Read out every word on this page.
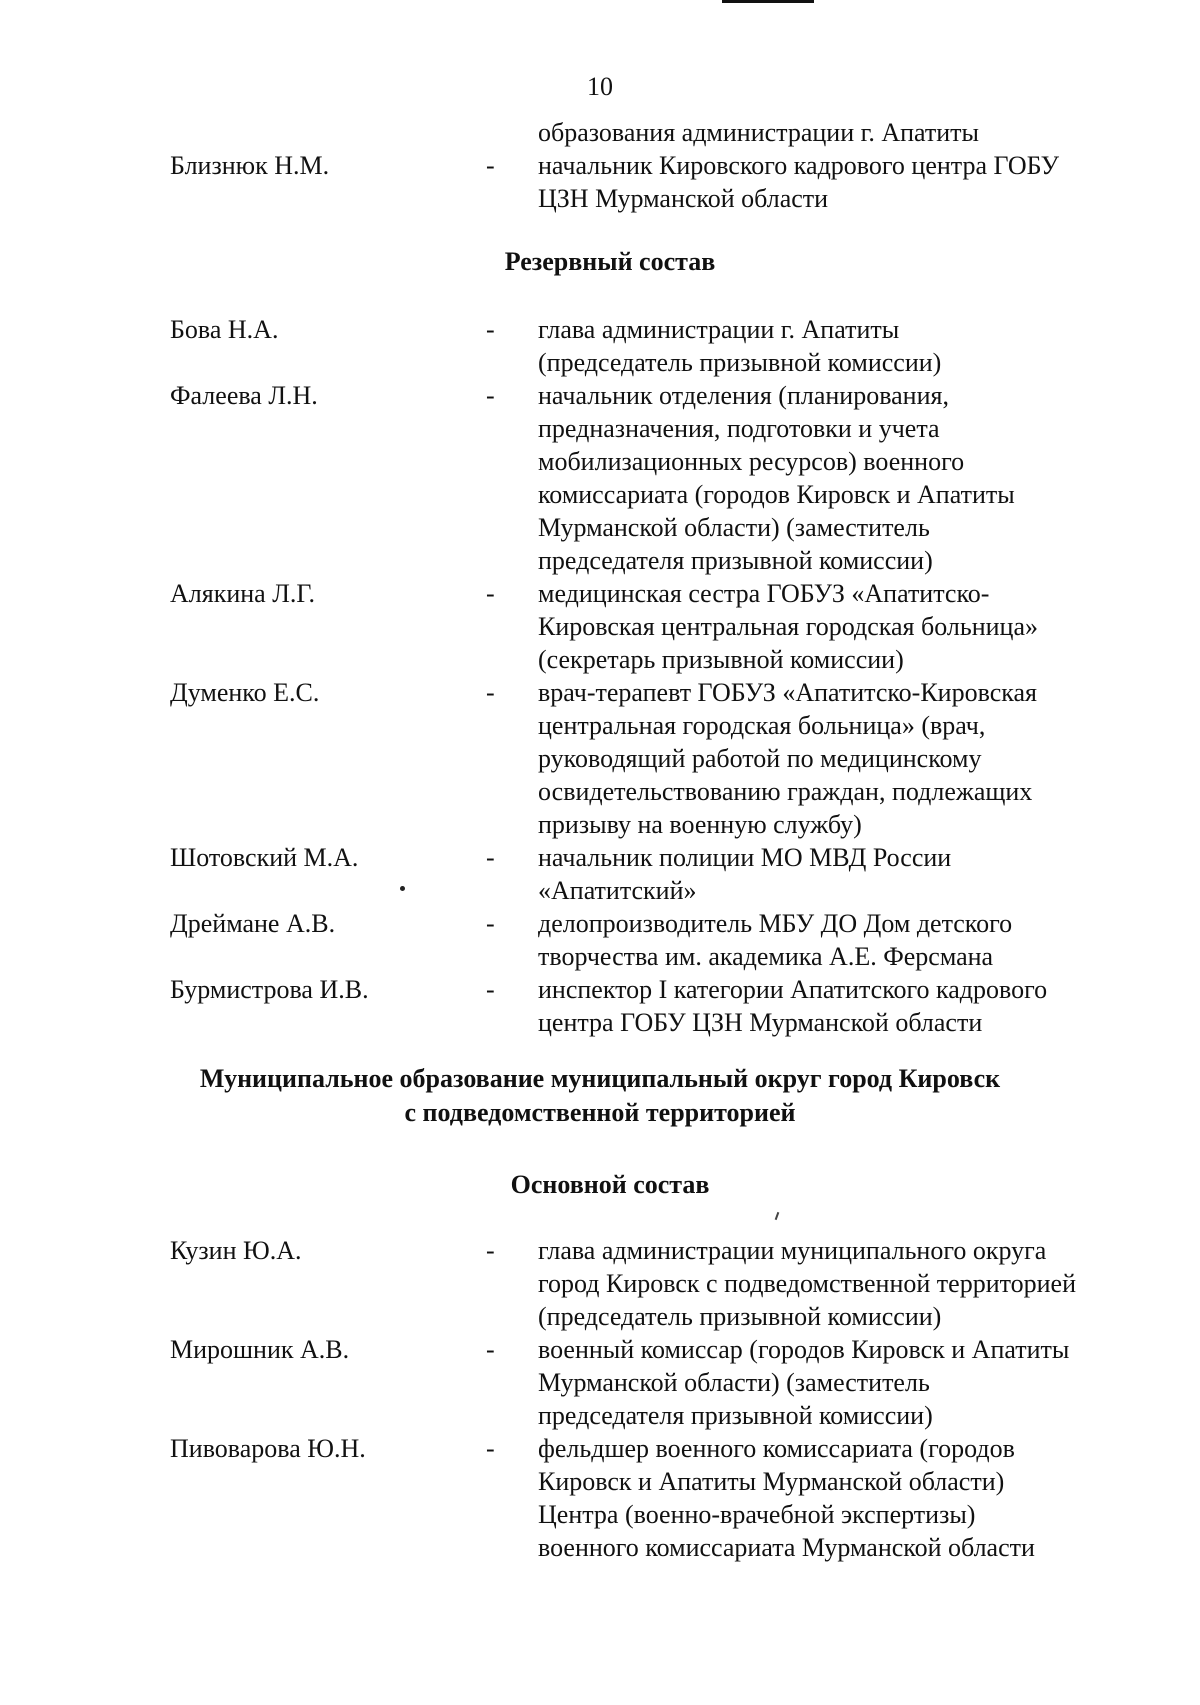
10
образования администрации г. Апатиты
Близнюк Н.М.	- начальник Кировского кадрового центра ГОБУ
ЦЗН Мурманской области
Резервный состав
Бова Н.А.	- глава администрации г. Апатиты
(председатель призывной комиссии)
Фалеева Л.Н.	- начальник отделения (планирования,
предназначения, подготовки и учета
мобилизационных ресурсов) военного
комиссариата (городов Кировск и Апатиты
Мурманской области) (заместитель
председателя призывной комиссии)
Алякина Л.Г.	- медицинская сестра ГОБУЗ «Апатитско-
Кировская центральная городская больница»
(секретарь призывной комиссии)
Думенко Е.С.	- врач-терапевт ГОБУЗ «Апатитско-Кировская
центральная городская больница» (врач,
руководящий работой по медицинскому
освидетельствованию граждан, подлежащих
призыву на военную службу)
Шотовский М.А.	- начальник полиции МО МВД России
«Апатитский»
Дреймане А.В.	- делопроизводитель МБУ ДО Дом детского
творчества им. академика А.Е. Ферсмана
Бурмистрова И.В.	- инспектор I категории Апатитского кадрового
центра ГОБУ ЦЗН Мурманской области
Муниципальное образование муниципальный округ город Кировск
с подведомственной территорией
Основной состав
Кузин Ю.А.	- глава администрации муниципального округа
город Кировск с подведомственной территорией
(председатель призывной комиссии)
Мирошник А.В.	- военный комиссар (городов Кировск и Апатиты
Мурманской области) (заместитель
председателя призывной комиссии)
Пивоварова Ю.Н.	- фельдшер военного комиссариата (городов
Кировск и Апатиты Мурманской области)
Центра (военно-врачебной экспертизы)
военного комиссариата Мурманской области
